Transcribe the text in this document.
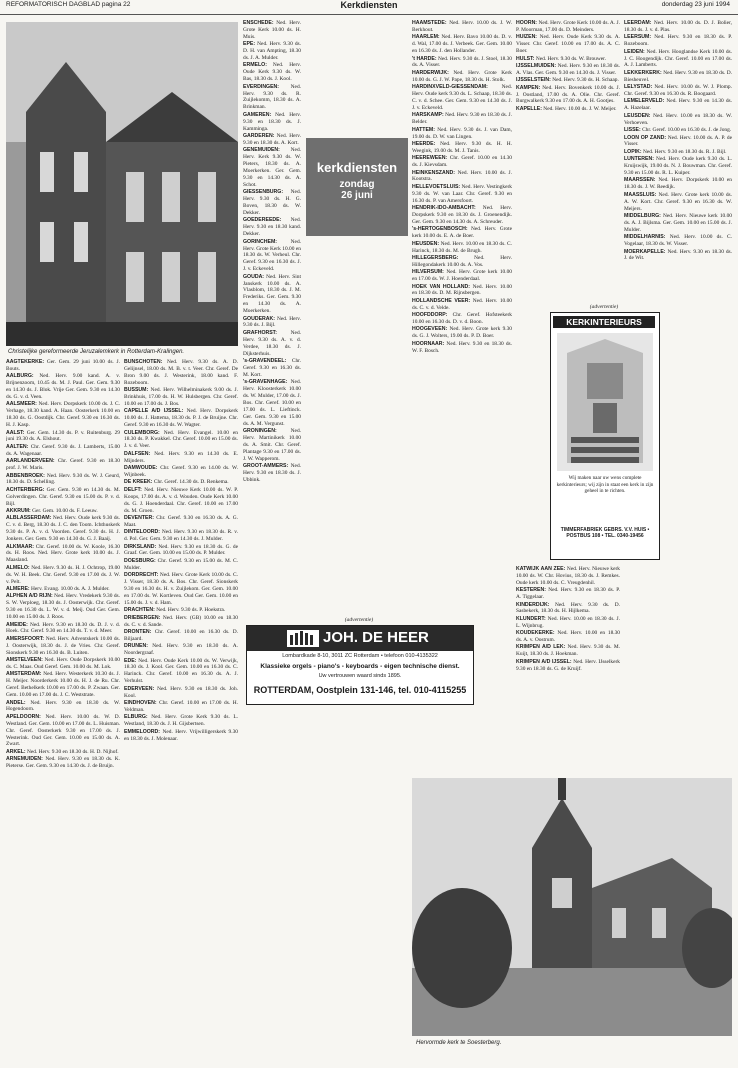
REFORMATORISCH DAGBLAD pagina 22	Kerkdiensten	donderdag 23 juni 1994
Christelijke gereformeerde Jeruzalemkerk in Rotterdam-Kralingen.

AAGTEKERKE: Ger. Gem. 29 juni 10.00 ds. J. Bouts.

AALBURG: Ned. Herv. 9.00 kand. A. v. Brijnenzoom, 10.45 ds. M. J. Paul. Ger. Gem. 9.30 en 14.30 ds. J. Blok. Vrije Ger. Gem. 9.30 en 14.30 ds. G. v. d. Veen.

AALSMEER: Ned. Herv. Dorpskerk 10.00 ds. J. C. Verhage, 18.30 kand. A. Haan. Oosterkerk 10.00 en 18.30 ds. G. Oostdijk. Chr. Geref. 9.30 en 16.30 ds. H. J. Kasp.

AALST: Ger. Gem. 14.30 ds. P. v. Ruitenburg. 29 juni 19.30 ds. A. Elshout.

AALTEN: Chr. Geref. 9.30 ds. J. Lamberts, 15.00 ds. A. Wagenaar.

AARLANDERVEEN: Chr. Geref. 9.30 en 18.30 prof. J. W. Maris.

ABBENBROEK: Ned. Herv. 9.30 ds. W. J. Geurd, 18.30 ds. D. Schelling.

ACHTERBERG: Ger. Gem. 9.30 en 14.30 ds. M. Golverdingen. Chr. Geref. 9.30 en 15.00 ds. P. v. d. Bijl.

AKKRUM: Ger. Gem. 10.00 ds. F. Leeuw.

ALBLASSERDAM: Ned. Herv. Oude kerk 9.30 ds. C. v. d. Berg, 18.30 ds. J. C. den Toom. Ichthuskerk 9.30 ds. P. A. v. d. Voorden. Geref. 9.30 ds. H. J. Jonkers. Ger. Gem. 9.30 en 14.30 ds. G. J. Baaij.

ALKMAAR: Chr. Geref. 10.00 ds. W. Koole, 16.30 ds. H. Roos. Ned. Herv. Grote kerk 10.00 ds. J. Maasland.

ALMELO: Ned. Herv. 9.30 ds. H. J. Ochtrop, 19.00 ds. W. H. Beek. Chr. Geref. 9.30 en 17.00 ds. J. W. v. Pelt.

ALMERE: Herv. Evang. 10.00 ds. A. J. Mulder.

ALPHEN A/D RIJN: Ned. Herv. Vredekerk 9.30 ds. S. W. Verploeg, 18.30 ds. J. Oosterwijk. Chr. Geref. 9.30 en 16.30 ds. L. W. v. d. Meij. Oud Ger. Gem. 10.00 en 15.00 ds. J. Roos.

AMEIDE: Ned. Herv. 9.30 en 18.30 ds. D. J. v. d. Hoek. Chr. Geref. 9.30 en 14.30 ds. T. v. d. Meer.

AMERSFOORT: Ned. Herv. Adventskerk 10.00 ds. J. Oosterwijk, 18.30 ds. J. de Vries. Chr. Geref. Sionskerk 9.30 en 16.30 ds. B. Luiten.

AMSTELVEEN: Ned. Herv. Oude Dorpskerk 10.00 ds. C. Maas. Oud Geref. Gem. 10.00 ds. M. Lok.

AMSTERDAM: Ned. Herv. Westerkerk 10.30 ds. J. H. Meijer. Noorderkerk 10.00 ds. H. J. de Ru. Chr. Geref. Bethelkerk 10.00 en 17.00 ds. P. Zwaan. Ger. Gem. 10.00 en 17.00 ds. J. C. Weststrate.

ANDEL: Ned. Herv. 9.30 en 18.30 ds. W. Hogendoorn.

APELDOORN: Ned. Herv. 10.00 ds. W. D. Westland. Ger. Gem. 10.00 en 17.00 ds. L. Huisman. Chr. Geref. Oosterkerk 9.30 en 17.00 ds. J. Westerink. Oud Ger. Gem. 10.00 en 15.00 ds. A. Zwart.

ARKEL: Ned. Herv. 9.30 en 18.30 ds. H. D. Nijhof.

ARNEMUIDEN: Ned. Herv. 9.30 en 18.30 ds. K. Pieterse. Ger. Gem. 9.30 en 14.30 ds. J. de Bruijn.

BUNSCHOTEN: Ned. Herv. 9.30 ds. A. D. Gelijnsel, 18.00 ds. M. B. v. t. Veer. Chr. Geref. De Bron 9.00 ds. J. Westerink, 18.00 kand. F. Rozeboom.

BUSSUM: Ned. Herv. Wilhelminakerk 9.00 ds. J. Brinkhuis, 17.00 ds. H. W. Hulsbergen. Chr. Geref. 10.00 en 17.00 ds. J. Bos.

CAPELLE A/D IJSSEL: Ned. Herv. Dorpskerk 10.00 ds. J. Hattema, 18.30 ds. P. J. de Bruijne. Chr. Geref. 9.30 en 16.30 ds. W. Wagter.

CULEMBORG: Ned. Herv. Evangel. 10.00 en 18.30 ds. P. Kwakkel. Chr. Geref. 10.00 en 15.00 ds. J. v. d. Veer.

DALFSEN: Ned. Herv. 9.30 en 14.30 ds. E. Mijnders.

DAMWOUDE: Chr. Geref. 9.30 en 14.00 ds. W. Wijnbeek.

DE KREEK: Chr. Geref. 14.30 ds. D. Renkema.

DELFT: Ned. Herv. Nieuwe Kerk 10.00 ds. W. P. Koops, 17.00 ds. A. v. d. Wouden. Oude Kerk 10.00 ds. G. J. Hoenderdaal. Chr. Geref. 10.00 en 17.00 ds. M. Groen.

DEVENTER: Chr. Geref. 9.30 en 16.30 ds. A. G. Maat.

DINTELOORD: Ned. Herv. 9.30 en 18.30 ds. R. v. d. Pol. Ger. Gem. 9.30 en 14.30 ds. J. Mulder.

DIRKSLAND: Ned. Herv. 9.30 en 18.30 ds. G. de Graaf. Ger. Gem. 10.00 en 15.00 ds. P. Mulder.

DOESBURG: Chr. Geref. 9.30 en 15.00 ds. M. C. Mulder.

DORDRECHT: Ned. Herv. Grote Kerk 10.00 ds. C. J. Visser, 18.30 ds. A. Bos. Chr. Geref. Sionskerk 9.30 en 16.30 ds. H. v. Zuijlekom. Ger. Gem. 10.00 en 17.00 ds. W. Kortleven. Oud Ger. Gem. 10.00 en 15.00 ds. J. v. d. Ham.

DRACHTEN: Ned. Herv. 9.30 ds. P. Hoekstra.

DRIEBERGEN: Ned. Herv. (GB) 10.00 en 18.30 ds. C. v. d. Sande.

DRONTEN: Chr. Geref. 10.00 en 16.30 ds. D. Biljaard.

DRUNEN: Ned. Herv. 9.30 en 18.30 ds. A. Noordergraaf.

EDE: Ned. Herv. Oude Kerk 10.00 ds. W. Verwijk, 18.30 ds. J. Kool. Ger. Gem. 10.00 en 16.30 ds. C. Harinck. Chr. Geref. 10.00 en 16.30 ds. A. J. Verhulst.

EDERVEEN: Ned. Herv. 9.30 en 18.30 ds. Joh. Kool.

EINDHOVEN: Chr. Geref. 10.00 en 17.00 ds. H. Veldman.

ELBURG: Ned. Herv. Grote Kerk 9.30 ds. L. Westland, 18.30 ds. J. H. Gijsbertsen.

EMMELOORD: Ned. Herv. Vrijwilligerskerk 9.30 en 18.30 ds. J. Molenaar.

ENSCHEDE: Ned. Herv. Grote Kerk 10.00 ds. H. Muis.

EPE: Ned. Herv. 9.30 ds. D. H. van Ampting, 18.30 ds. J. A. Mulder.

ERMELO: Ned. Herv. Oude Kerk 9.30 ds. W. Bas, 18.30 ds. J. Kool.

EVERDINGEN: Ned. Herv. 9.30 ds. R. Zuijlekomm, 18.30 ds. A. Brinkman.

GAMEREN: Ned. Herv. 9.30 en 18.30 ds. J. Kamminga.

GARDEREN: Ned. Herv. 9.30 en 18.30 ds. A. Kort.

GENEMUIDEN: Ned. Herv. Kerk 9.30 ds. W. Pieters, 18.30 ds. A. Moerkerken. Ger. Gem. 9.30 en 14.30 ds. A. Schot.

GIESSENBURG: Ned. Herv. 9.30 ds. H. G. Boven, 18.30 ds. W. Dekker.

GOEDEREEDE: Ned. Herv. 9.30 en 18.30 kand. Dekker.

GORINCHEM:	Ned. Herv. Grote Kerk 10.00 en 18.30 ds. W. Verheul. Chr. Geref. 9.30 en 16.30 ds. J. J. v. Eckeveld.

GOUDA: Ned. Herv. Sint Janskerk 10.00 ds. A. Vlasblom, 18.30 ds. J. M. Frederiks. Ger. Gem. 9.30 en 14.30 ds. A. Moerkerken.

GOUDERAK: Ned. Herv. 9.30 ds. J. Bijl.

GRAFHORST:	Ned. Herv. 9.30 ds. A. v. d. Verdee, 18.30 ds. J. Dijksterhuis.

's-GRAVENDEEL: Chr. Geref. 9.30 en 16.30 ds. M. Kort.

's-GRAVENHAGE: Ned. Herv. Kloosterkerk 10.00 ds. W. Mulder, 17.00 ds. J. Bos. Chr. Geref. 10.00 en 17.00 ds. L. Lieftinck. Ger. Gem. 9.30 en 15.00 ds. A. M. Vergunst.

GRONINGEN:	Ned. Herv. Martinikerk 10.00 ds. A. Smit. Chr. Geref. Plantage 9.30 en 17.00 ds. J. W. Wapperom.

GROOT-AMMERS: Ned. Herv. 9.30 en 18.30 ds. J. Ubbink.

kerkdiensten
zondag
26 juni

HAAMSTEDE: Ned. Herv. 10.00 ds. J. W. Berkhout.

HAARLEM: Ned. Herv. Bavo 10.00 ds. D. v. d. Wal, 17.00 ds. J. Verbeek. Ger. Gem. 10.00 en 16.30 ds. J. den Hollander.

't HARDE: Ned. Herv. 9.30 ds. J. Stoel, 18.30 ds. A. Visser.

HARDERWIJK: Ned. Herv. Grote Kerk 10.00 ds. G. J. W. Pape, 18.30 ds. H. Stolk.

HARDINXVELD-GIESSENDAM:	Ned. Herv. Oude kerk 9.30 ds. L. Schaap, 18.30 ds. C. v. d. Schee. Ger. Gem. 9.30 en 14.30 ds. J. J. v. Eckeveld.

HARSKAMP: Ned. Herv. 9.30 en 18.30 ds. J. Belder.

HATTEM: Ned. Herv. 9.30 ds. J. van Dam, 19.00 ds. D. W. van Lingen.

HEERDE: Ned. Herv. 9.30 ds. H. H. Weegink, 19.00 ds. M. J. Tanis.

HEEREWEEN: Chr. Geref. 10.00 en 14.30 ds. J. Kievsdam.

HEINKENSZAND: Ned. Herv. 10.00 ds. J. Kootstra.

HELLEVOETSLUIS: Ned. Herv. Vestingkerk 9.30 ds. W. van Laar. Chr. Geref. 9.30 en 16.30 ds. P. van Amersfoort.

HENDRIK-IDO-AMBACHT: Ned. Herv. Dorpskerk 9.30 en 18.30 ds. J. Groenendijk. Ger. Gem. 9.30 en 14.30 ds. A. Schreuder.

's-HERTOGENBOSCH: Ned. Herv. Grote kerk 10.00 ds. E. A. de Boer.

HEUSDEN: Ned. Herv. 10.00 en 18.30 ds. C. Harinck, 18.30 ds. M. de Brugh.

HILLEGERSBERG:	Ned. Herv. Hillegondakerk 10.00 ds. A. Vos.

HILVERSUM: Ned. Herv. Grote kerk 10.00 en 17.00 ds. W. J. Hoenderdaal.

HOEK VAN HOLLAND: Ned. Herv. 10.00 en 18.30 ds. D. M. Rijnsbergen.

HOLLANDSCHE VEER: Ned. Herv. 10.00 ds. C. v. d. Velde.

HOOFDDORP: Chr. Geref. Hofsteekerk 10.00 en 16.30 ds. D. v. d. Boon.

HOOGEVEEN: Ned. Herv. Grote kerk 9.30 ds. G. J. Wolters, 19.00 ds. P. D. Boer.

HOORNAAR: Ned. Herv. 9.30 en 18.30 ds. W. F. Bosch.

HOORN: Ned. Herv. Grote Kerk 10.00 ds. A. J. P. Moorman, 17.00 ds. D. Meinders.

HUIZEN: Ned. Herv. Oude Kerk 9.30 ds. A. Visser. Chr. Geref. 10.00 en 17.00 ds. A. C. Boer.

HULST: Ned. Herv. 9.30 ds. W. Brouwer.

IJSSELMUIDEN: Ned. Herv. 9.30 en 18.30 ds. A. Vlas. Ger. Gem. 9.30 en 14.30 ds. J. Visser.

IJSSELSTEIN: Ned. Herv. 9.30 ds. H. Schaap.

KAMPEN: Ned. Herv. Bovenkerk 10.00 ds. J. J. Oostland, 17.00 ds. A. Olie. Chr. Geref. Burgwalkerk 9.30 en 17.00 ds. A. H. Gootjes.

KAPELLE: Ned. Herv. 10.00 ds. J. W. Meijer.

KATWIJK AAN ZEE: Ned. Herv. Nieuwe kerk 10.00 ds. W. Chr. Hovius, 18.30 ds. J. Remkes. Oude kerk 10.00 ds. C. Vreugdenhil.

KESTEREN: Ned. Herv. 9.30 en 18.30 ds. P. A. Tiggelaar.

KINDERDIJK: Ned. Herv. 9.30 ds. D. Sasbekerk, 18.30 ds. H. Hijlkema.

KLUNDERT: Ned. Herv. 10.00 en 18.30 ds. J. L. Wijnbrug.

KOUDEKERKE: Ned. Herv. 10.00 en 18.30 ds. A. v. Oostrum.

KRIMPEN A/D LEK: Ned. Herv. 9.30 ds. M. Kuijt, 18.30 ds. J. Hoekman.

KRIMPEN A/D IJSSEL: Ned. Herv. IJsselkerk 9.30 en 18.30 ds. G. de Kruijf.

LEERDAM: Ned. Herv. 10.00 ds. D. J. Bolier, 18.30 ds. J. v. d. Plas.

LEERSUM: Ned. Herv. 9.30 en 18.30 ds. P. Rozeboom.

LEIDEN: Ned. Herv. Hooglandse Kerk 10.00 ds. J. C. Hoogendijk. Chr. Geref. 10.00 en 17.00 ds. A. J. Lamberts.

LEKKERKERK: Ned. Herv. 9.30 en 18.30 ds. D. Biesheuvel.

LELYSTAD: Ned. Herv. 10.00 ds. W. J. Plomp. Chr. Geref. 9.30 en 16.30 ds. R. Boogaard.

LEMELERVELD: Ned. Herv. 9.30 en 14.30 ds. A. Hazelaar.

LEUSDEN: Ned. Herv. 10.00 en 18.30 ds. W. Verhoeven.

LISSE: Chr. Geref. 10.00 en 16.30 ds. J. de Jong.

LOON OP ZAND: Ned. Herv. 10.00 ds. A. P. de Visser.

LOPIK: Ned. Herv. 9.30 en 18.30 ds. R. J. Bijl.

LUNTEREN: Ned. Herv. Oude kerk 9.30 ds. L. Kruijswijk, 19.00 ds. N. J. Bouwman. Chr. Geref. 9.30 en 15.00 ds. R. L. Kuiper.

MAARSSEN: Ned. Herv. Dorpskerk 10.00 en 18.30 ds. J. W. Reedijk.

MAASSLUIS: Ned. Herv. Grote kerk 10.00 ds. A. W. Kort. Chr. Geref. 9.30 en 16.30 ds. W. Meijers.

MIDDELBURG: Ned. Herv. Nieuwe kerk 10.00 ds. A. J. Bijlsma. Ger. Gem. 10.00 en 15.00 ds. J. Mulder.

MIDDELHARNIS: Ned. Herv. 10.00 ds. C. Vogelaar, 18.30 ds. W. Visser.

MOERKAPELLE: Ned. Herv. 9.30 en 18.30 ds. J. de Wit.

(advertentie)
KERKINTERIEURS
Wij maken naar uw wens complete kerkinterieurs; wij zijn in staat een kerk in zijn geheel in te richten.
TIMMERFABRIEK GEBRS. V.V. HUIS • POSTBUS 108 • TEL. 0340-19456
(advertentie)
JOH. DE HEER
Lombardkade 8-10, 3011 ZC Rotterdam • telefoon 010-4135322
Klassieke orgels - piano's - keyboards - eigen technische dienst.
Uw vertrouwen waard sinds 1895.
ROTTERDAM, Oostplein 131-146, tel. 010-4115255
Hervormde kerk te Soesterberg.
